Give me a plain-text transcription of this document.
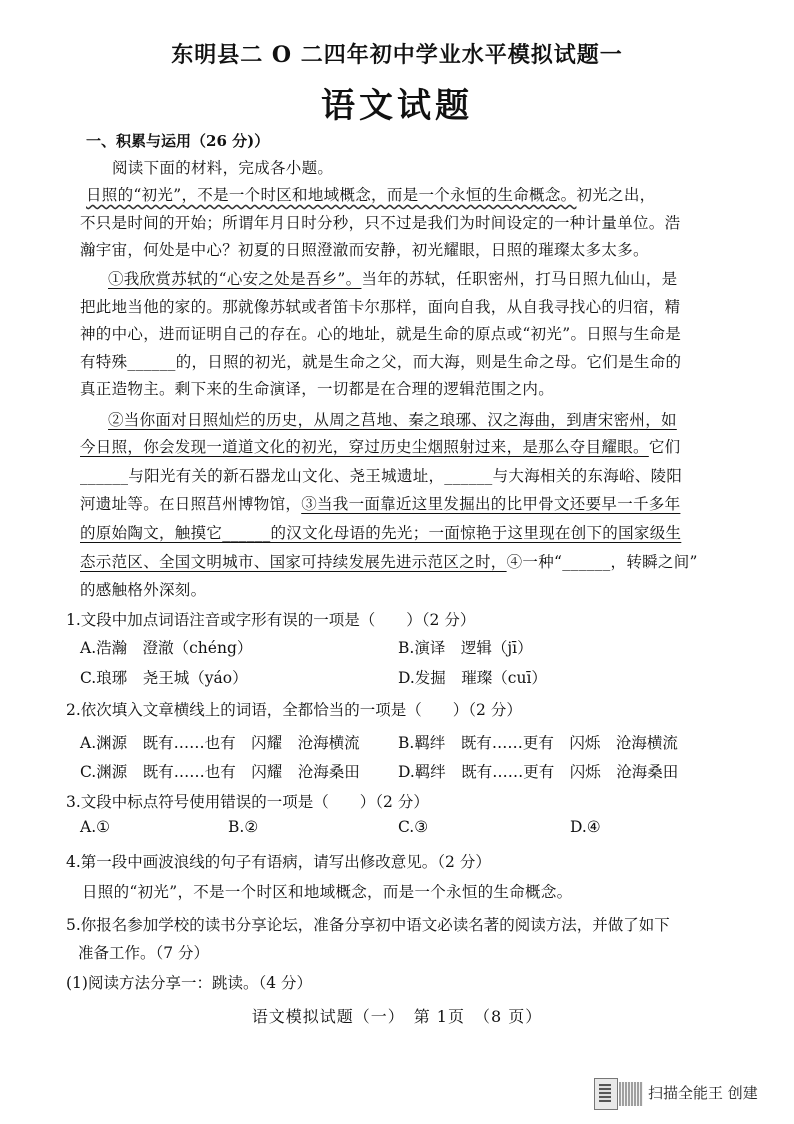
东明县二 O 二四年初中学业水平模拟试题一
语文试题
一、积累与运用（26 分)）
阅读下面的材料，完成各小题。
日照的“初光”，不是一个时区和地域概念，而是一个永恒的生命概念。初光之出，
不只是时间的开始；所谓年月日时分秒，只不过是我们为时间设定的一种计量单位。浩
瀚宇宙，何处是中心？初夏的日照澄澈而安静，初光耀眼，日照的璀璨太多太多。
①我欣赏苏轼的“心安之处是吾乡”。当年的苏轼，任职密州，打马日照九仙山，是
把此地当他的家的。那就像苏轼或者笛卡尔那样，面向自我，从自我寻找心的归宿，精
神的中心，进而证明自己的存在。心的地址，就是生命的原点或“初光”。日照与生命是
有特殊______的，日照的初光，就是生命之父，而大海，则是生命之母。它们是生命的
真正造物主。剩下来的生命演译，一切都是在合理的逻辑范围之内。
②当你面对日照灿烂的历史，从周之莒地、秦之琅琊、汉之海曲，到唐宋密州，如
今日照，你会发现一道道文化的初光，穿过历史尘烟照射过来，是那么夺目耀眼。它们
______与阳光有关的新石器龙山文化、尧王城遗址，______与大海相关的东海峪、陵阳
河遗址等。在日照莒州博物馆，③当我一面靠近这里发掘出的比甲骨文还要早一千多年
的原始陶文，触摸它______的汉文化母语的先光；一面惊艳于这里现在创下的国家级生
态示范区、全国文明城市、国家可持续发展先进示范区之时，④一种“______，转瞬之间”
的感触格外深刻。
1.文段中加点词语注音或字形有误的一项是（　　）（2 分）
A.浩瀚　澄澈（chéng）	B.演译　逻辑（jī）
C.琅琊　尧王城（yáo）	D.发掘　璀璨（cuī）
2.依次填入文章横线上的词语，全都恰当的一项是（　　）（2 分）
A.渊源　既有……也有　闪耀　沧海横流 B.羁绊　既有……更有　闪烁　沧海横流
C.渊源　既有……也有　闪耀　沧海桑田 D.羁绊　既有……更有　闪烁　沧海桑田
3.文段中标点符号使用错误的一项是（　　）（2 分）
A.①	B.②	C.③	D.④
4.第一段中画波浪线的句子有语病，请写出修改意见。（2 分）
日照的“初光”，不是一个时区和地域概念，而是一个永恒的生命概念。
5.你报名参加学校的读书分享论坛，准备分享初中语文必读名著的阅读方法，并做了如下
准备工作。（7 分）
(1)阅读方法分享一：跳读。（4 分）
语文模拟试题（一）　第 1页　（8 页）
扫描全能王 创建
